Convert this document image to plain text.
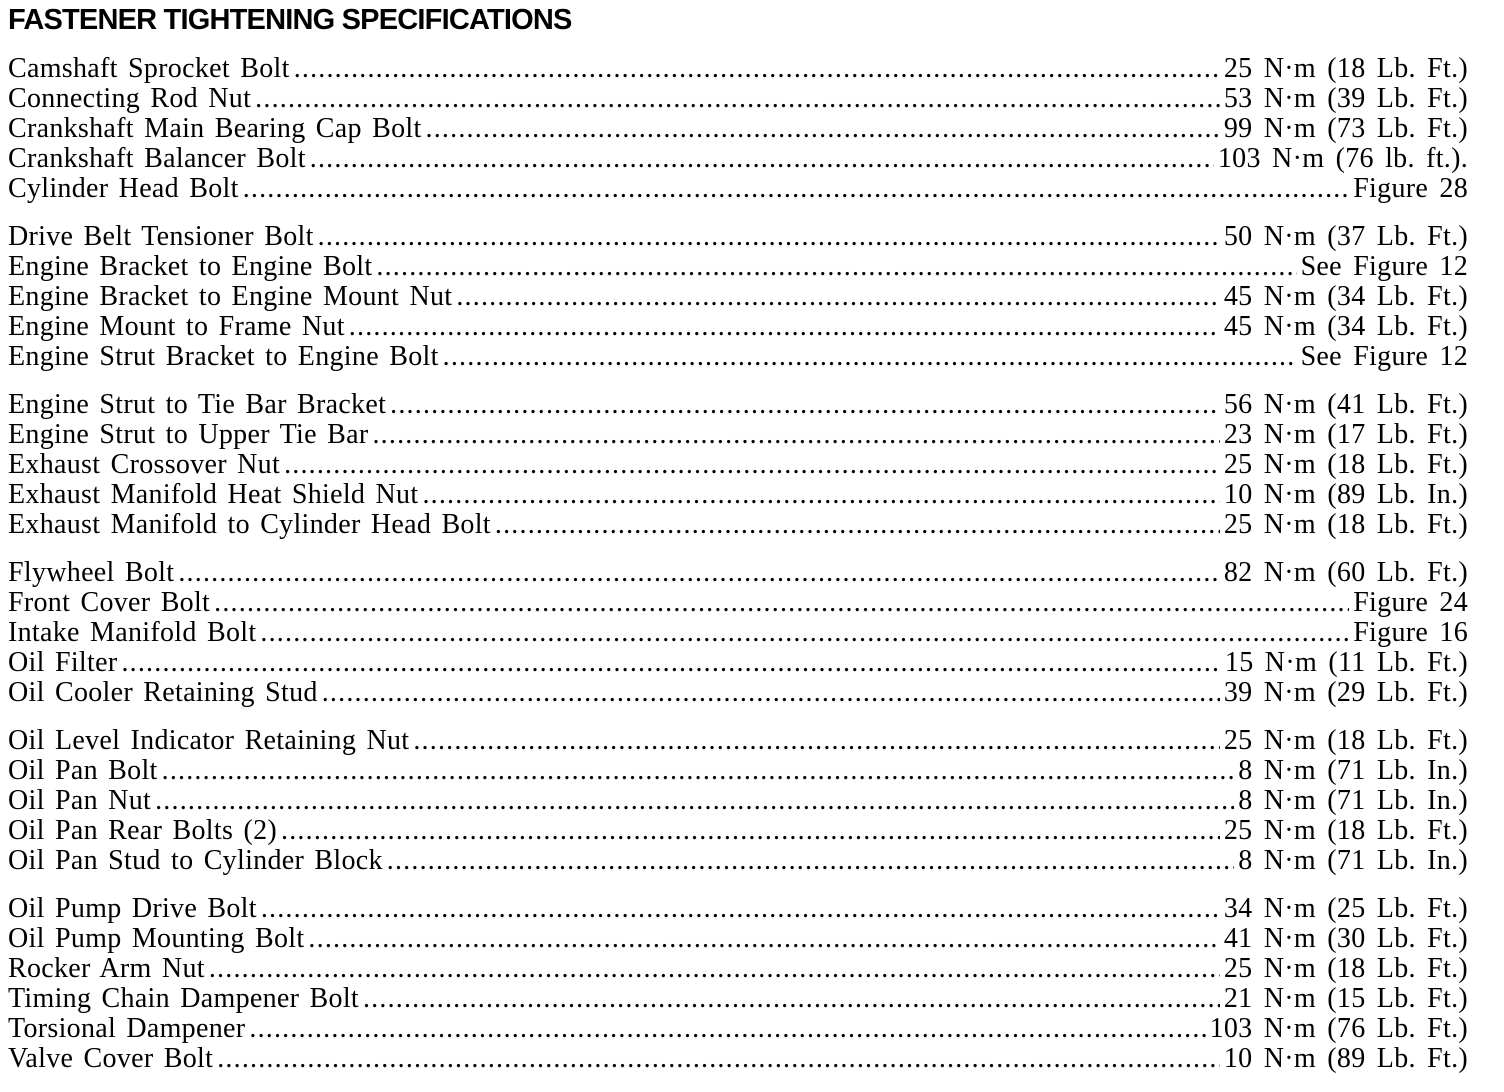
FASTENER TIGHTENING SPECIFICATIONS
Camshaft Sprocket Bolt .....	25 N·m (18 Lb. Ft.)
Connecting Rod Nut .....	53 N·m (39 Lb. Ft.)
Crankshaft Main Bearing Cap Bolt .....	99 N·m (73 Lb. Ft.)
Crankshaft Balancer Bolt .....	103 N·m (76 lb. ft.).
Cylinder Head Bolt .....	Figure 28
Drive Belt Tensioner Bolt .....	50 N·m (37 Lb. Ft.)
Engine Bracket to Engine Bolt .....	See Figure 12
Engine Bracket to Engine Mount Nut .....	45 N·m (34 Lb. Ft.)
Engine Mount to Frame Nut .....	45 N·m (34 Lb. Ft.)
Engine Strut Bracket to Engine Bolt .....	See Figure 12
Engine Strut to Tie Bar Bracket .....	56 N·m (41 Lb. Ft.)
Engine Strut to Upper Tie Bar .....	23 N·m (17 Lb. Ft.)
Exhaust Crossover Nut .....	25 N·m (18 Lb. Ft.)
Exhaust Manifold Heat Shield Nut .....	10 N·m (89 Lb. In.)
Exhaust Manifold to Cylinder Head Bolt .....	25 N·m (18 Lb. Ft.)
Flywheel Bolt .....	82 N·m (60 Lb. Ft.)
Front Cover Bolt .....	Figure 24
Intake Manifold Bolt .....	Figure 16
Oil Filter .....	15 N·m (11 Lb. Ft.)
Oil Cooler Retaining Stud .....	39 N·m (29 Lb. Ft.)
Oil Level Indicator Retaining Nut .....	25 N·m (18 Lb. Ft.)
Oil Pan Bolt .....	8 N·m (71 Lb. In.)
Oil Pan Nut .....	8 N·m (71 Lb. In.)
Oil Pan Rear Bolts (2) .....	25 N·m (18 Lb. Ft.)
Oil Pan Stud to Cylinder Block .....	8 N·m (71 Lb. In.)
Oil Pump Drive Bolt .....	34 N·m (25 Lb. Ft.)
Oil Pump Mounting Bolt .....	41 N·m (30 Lb. Ft.)
Rocker Arm Nut .....	25 N·m (18 Lb. Ft.)
Timing Chain Dampener Bolt .....	21 N·m (15 Lb. Ft.)
Torsional Dampener .....	103 N·m (76 Lb. Ft.)
Valve Cover Bolt .....	10 N·m (89 Lb. Ft.)
